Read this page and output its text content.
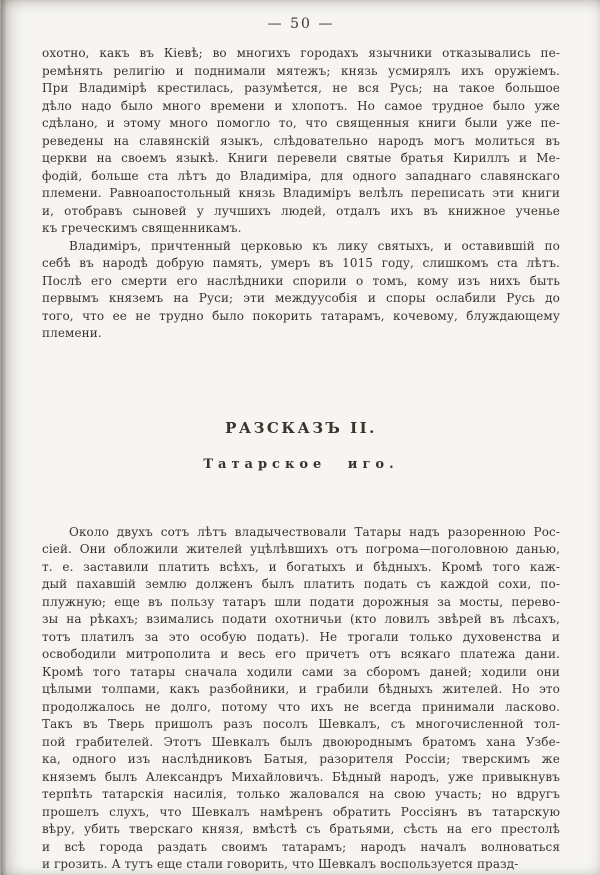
— 50 —
охотно, какъ въ Кіевѣ; во многихъ городахъ язычники отказывались пе-
ремѣнять религію и поднимали мятежъ; князь усмирялъ ихъ оружіемъ.
При Владимірѣ крестилась, разумѣется, не вся Русь; на такое большое
дѣло надо было много времени и хлопотъ. Но самое трудное было уже
сдѣлано, и этому много помогло то, что священныя книги были уже пе-
реведены на славянскій языкъ, слѣдовательно народъ могъ молиться въ
церкви на своемъ языкѣ. Книги перевели святые братья Кириллъ и Ме-
фодій, больше ста лѣтъ до Владиміра, для одного западнаго славянскаго
племени. Равноапостольный князь Владиміръ велѣлъ переписать эти книги
и, отобравъ сыновей у лучшихъ людей, отдалъ ихъ въ книжное ученье
къ греческимъ священникамъ.
Владиміръ, причтенный церковью къ лику святыхъ, и оставившій по
себѣ въ народѣ добрую память, умеръ въ 1015 году, слишкомъ ста лѣтъ.
Послѣ его смерти его наслѣдники спорили о томъ, кому изъ нихъ быть
первымъ княземъ на Руси; эти междуусобія и споры ослабили Русь до
того, что ее не трудно было покорить татарамъ, кочевому, блуждающему
племени.
РАЗСКАЗЪ II.
Татарское иго.
Около двухъ сотъ лѣтъ владычествовали Татары надъ разоренною Рос-
сіей. Они обложили жителей уцѣлѣвшихъ отъ погрома—поголовною данью,
т. е. заставили платить всѣхъ, и богатыхъ и бѣдныхъ. Кромѣ того каж-
дый пахавшій землю долженъ былъ платить подать съ каждой сохи, по-
плужную; еще въ пользу татаръ шли подати дорожныя за мосты, перево-
зы на рѣкахъ; взимались подати охотничьи (кто ловилъ звѣрей въ лѣсахъ,
тотъ платилъ за это особую подать). Не трогали только духовенства и
освободили митрополита и весь его причетъ отъ всякаго платежа дани.
Кромѣ того татары сначала ходили сами за сборомъ даней; ходили они
цѣлыми толпами, какъ разбойники, и грабили бѣдныхъ жителей. Но это
продолжалось не долго, потому что ихъ не всегда принимали ласково.
Такъ въ Тверь пришолъ разъ посолъ Шевкалъ, съ многочисленной тол-
пой грабителей. Этотъ Шевкалъ былъ двоюроднымъ братомъ хана Узбе-
ка, одного изъ наслѣдниковъ Батыя, разорителя Россіи; тверскимъ же
княземъ былъ Александръ Михайловичъ. Бѣдный народъ, уже привыкнувъ
терпѣть татарскія насилія, только жаловался на свою участь; но вдругъ
прошелъ слухъ, что Шевкалъ намѣренъ обратить Россіянъ въ татарскую
вѣру, убить тверскаго князя, вмѣстѣ съ братьями, сѣсть на его престолѣ
и всѣ города раздать своимъ татарамъ; народъ началъ волноваться
и грозить. А тутъ еще стали говорить, что Шевкалъ воспользуется празд-
